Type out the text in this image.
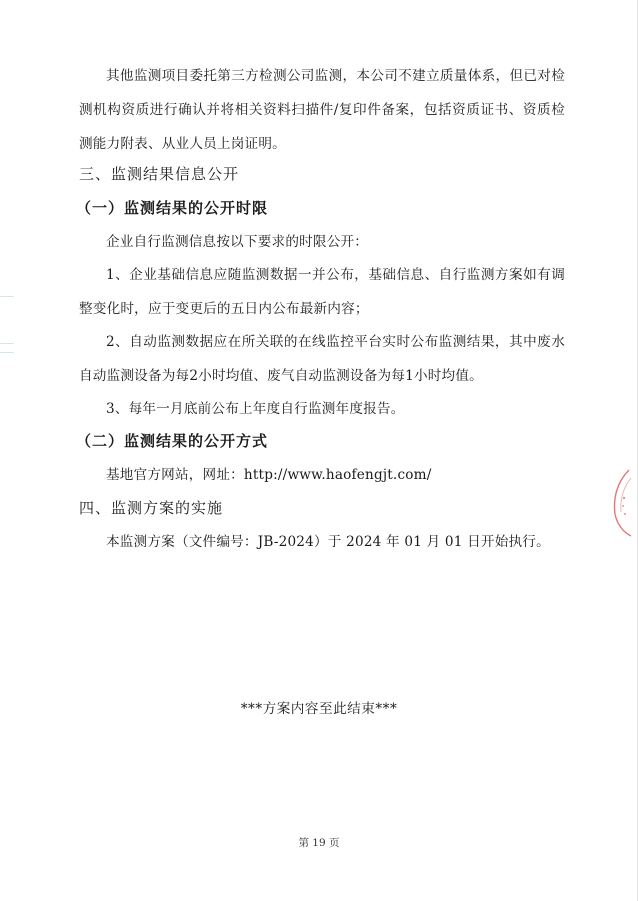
其他监测项目委托第三方检测公司监测，本公司不建立质量体系，但已对检测机构资质进行确认并将相关资料扫描件/复印件备案，包括资质证书、资质检测能力附表、从业人员上岗证明。

三、监测结果信息公开
（一）监测结果的公开时限

企业自行监测信息按以下要求的时限公开：

1、企业基础信息应随监测数据一并公布，基础信息、自行监测方案如有调整变化时，应于变更后的五日内公布最新内容；

2、自动监测数据应在所关联的在线监控平台实时公布监测结果，其中废水自动监测设备为每2小时均值、废气自动监测设备为每1小时均值。

3、每年一月底前公布上年度自行监测年度报告。

（二）监测结果的公开方式

基地官方网站，网址：http://www.haofengjt.com/

四、监测方案的实施

本监测方案（文件编号：JB-2024）于 2024 年 01 月 01 日开始执行。

***方案内容至此结束***
第 19 页
